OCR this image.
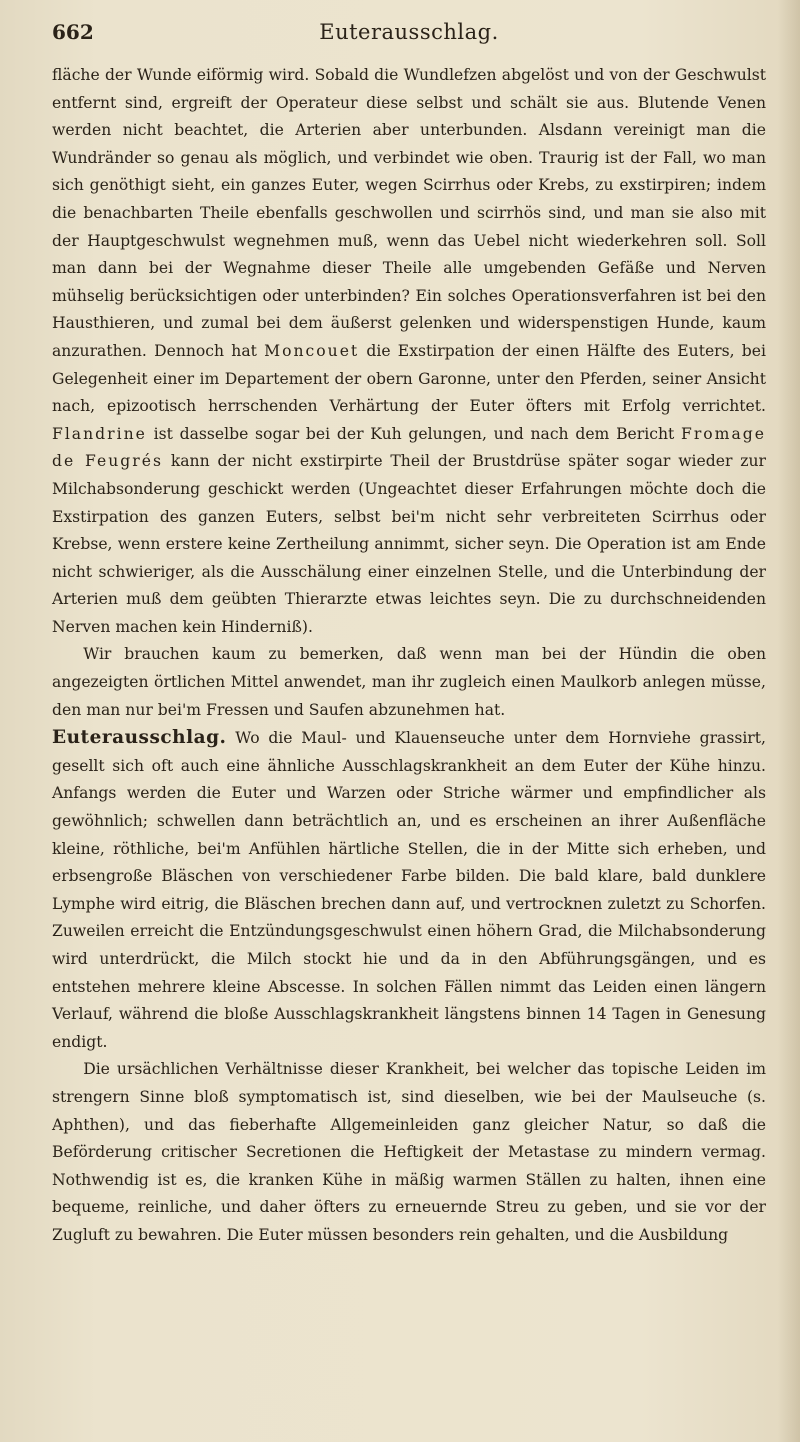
662	Euterausschlag.

fläche der Wunde eiförmig wird. Sobald die Wundlefzen abgelöst und von der Geschwulst entfernt sind, ergreift der Operateur diese selbst und schält sie aus. Blutende Venen werden nicht beachtet, die Arterien aber unterbunden. Alsdann vereinigt man die Wundränder so genau als möglich, und verbindet wie oben. Traurig ist der Fall, wo man sich genöthigt sieht, ein ganzes Euter, wegen Scirrhus oder Krebs, zu exstirpiren; indem die benachbarten Theile ebenfalls geschwollen und scirrhös sind, und man sie also mit der Hauptgeschwulst wegnehmen muß, wenn das Uebel nicht wiederkehren soll. Soll man dann bei der Wegnahme dieser Theile alle umgebenden Gefäße und Nerven mühselig berücksichtigen oder unterbinden? Ein solches Operationsverfahren ist bei den Hausthieren, und zumal bei dem äußerst gelenken und widerspenstigen Hunde, kaum anzurathen. Dennoch hat Moncouet die Exstirpation der einen Hälfte des Euters, bei Gelegenheit einer im Departement der obern Garonne, unter den Pferden, seiner Ansicht nach, epizootisch herrschenden Verhärtung der Euter öfters mit Erfolg verrichtet. Flandrine ist dasselbe sogar bei der Kuh gelungen, und nach dem Bericht Fromage de Feugrés kann der nicht exstirpirte Theil der Brustdrüse später sogar wieder zur Milchabsonderung geschickt werden (Ungeachtet dieser Erfahrungen möchte doch die Exstirpation des ganzen Euters, selbst bei'm nicht sehr verbreiteten Scirrhus oder Krebse, wenn erstere keine Zertheilung annimmt, sicher seyn. Die Operation ist am Ende nicht schwieriger, als die Ausschälung einer einzelnen Stelle, und die Unterbindung der Arterien muß dem geübten Thierarzte etwas leichtes seyn. Die zu durchschneidenden Nerven machen kein Hinderniß).

Wir brauchen kaum zu bemerken, daß wenn man bei der Hündin die oben angezeigten örtlichen Mittel anwendet, man ihr zugleich einen Maulkorb anlegen müsse, den man nur bei'm Fressen und Saufen abzunehmen hat.

Euterausschlag. Wo die Maul- und Klauenseuche unter dem Hornviehe grassirt, gesellt sich oft auch eine ähnliche Ausschlagskrankheit an dem Euter der Kühe hinzu. Anfangs werden die Euter und Warzen oder Striche wärmer und empfindlicher als gewöhnlich; schwellen dann beträchtlich an, und es erscheinen an ihrer Außenfläche kleine, röthliche, bei'm Anfühlen härtliche Stellen, die in der Mitte sich erheben, und erbsengroße Bläschen von verschiedener Farbe bilden. Die bald klare, bald dunklere Lymphe wird eitrig, die Bläschen brechen dann auf, und vertrocknen zuletzt zu Schorfen. Zuweilen erreicht die Entzündungsgeschwulst einen höhern Grad, die Milchabsonderung wird unterdrückt, die Milch stockt hie und da in den Abführungsgängen, und es entstehen mehrere kleine Abscesse. In solchen Fällen nimmt das Leiden einen längern Verlauf, während die bloße Ausschlagskrankheit längstens binnen 14 Tagen in Genesung endigt.

Die ursächlichen Verhältnisse dieser Krankheit, bei welcher das topische Leiden im strengern Sinne bloß symptomatisch ist, sind dieselben, wie bei der Maulseuche (s. Aphthen), und das fieberhafte Allgemeinleiden ganz gleicher Natur, so daß die Beförderung critischer Secretionen die Heftigkeit der Metastase zu mindern vermag. Nothwendig ist es, die kranken Kühe in mäßig warmen Ställen zu halten, ihnen eine bequeme, reinliche, und daher öfters zu erneuernde Streu zu geben, und sie vor der Zugluft zu bewahren. Die Euter müssen besonders rein gehalten, und die Ausbildung
